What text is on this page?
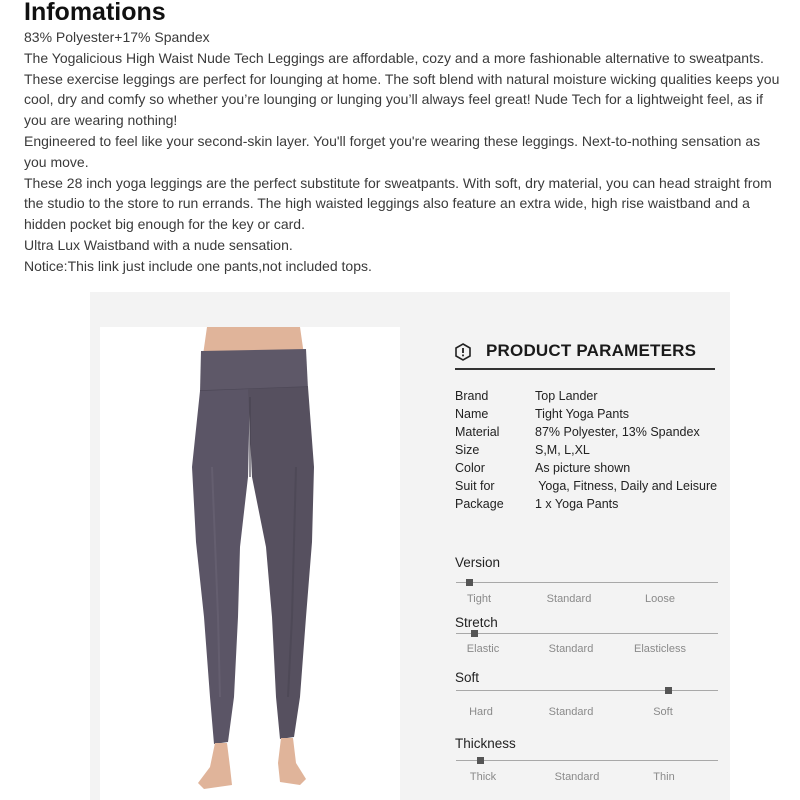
Infomations

83% Polyester+17% Spandex

The Yogalicious High Waist Nude Tech Leggings are affordable, cozy and a more fashionable alternative to sweatpants. These exercise leggings are perfect for lounging at home. The soft blend with natural moisture wicking qualities keeps you cool, dry and comfy so whether you’re lounging or lunging you’ll always feel great! Nude Tech for a lightweight feel, as if you are wearing nothing!

Engineered to feel like your second-skin layer. You'll forget you're wearing these leggings. Next-to-nothing sensation as you move.

These 28 inch yoga leggings are the perfect substitute for sweatpants. With soft, dry material, you can head straight from the studio to the store to run errands. The high waisted leggings also feature an extra wide, high rise waistband and a hidden pocket big enough for the key or card.

Ultra Lux Waistband with a nude sensation.

Notice:This link just include one pants,not included tops.

PRODUCT PARAMETERS
Brand	Top Lander
Name	Tight Yoga Pants
Material	87% Polyester, 13% Spandex
Size	S,M, L,XL
Color	As picture shown
Suit for	Yoga, Fitness, Daily and Leisure
Package	1 x Yoga Pants
Version
Tight	Standard	Loose
Stretch
Elastic	Standard	Elasticless
Soft
Hard	Standard	Soft
Thickness
Thick	Standard	Thin
